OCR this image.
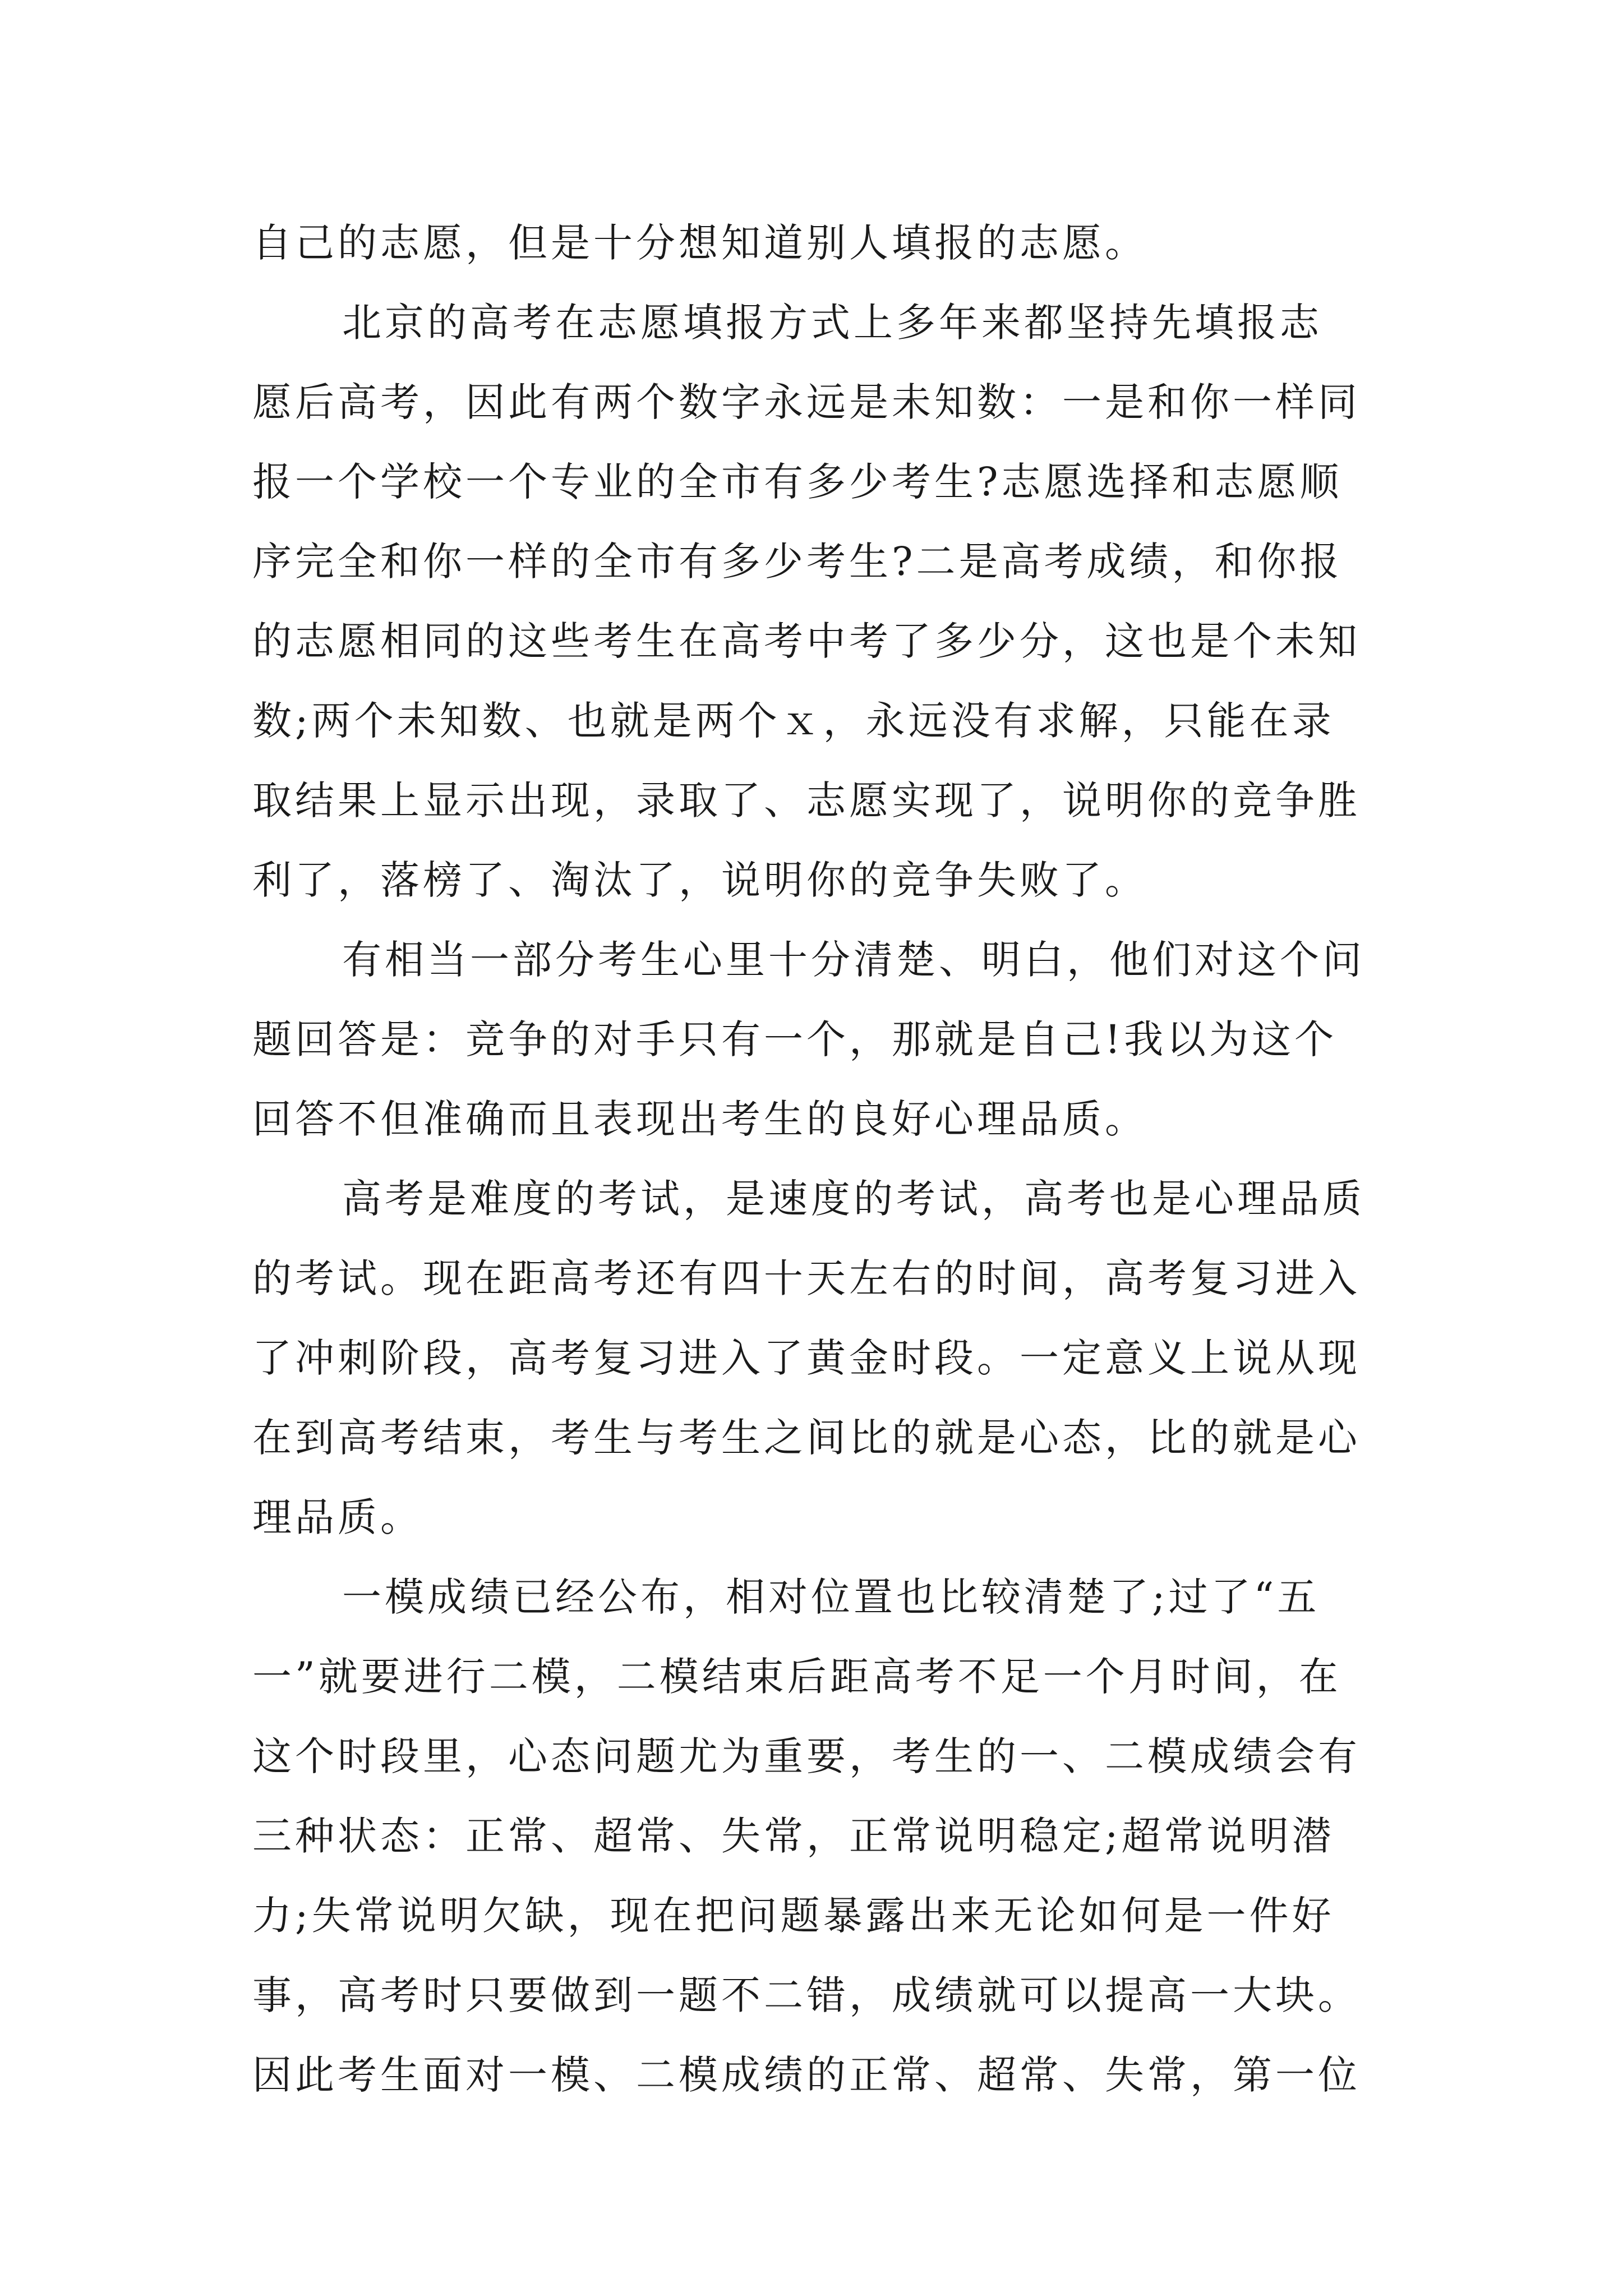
自己的志愿，但是十分想知道别人填报的志愿。
北京的高考在志愿填报方式上多年来都坚持先填报志
愿后高考，因此有两个数字永远是未知数：一是和你一样同
报一个学校一个专业的全市有多少考生?志愿选择和志愿顺
序完全和你一样的全市有多少考生?二是高考成绩，和你报
的志愿相同的这些考生在高考中考了多少分，这也是个未知
数;两个未知数、也就是两个ｘ，永远没有求解，只能在录
取结果上显示出现，录取了、志愿实现了，说明你的竞争胜
利了，落榜了、淘汰了，说明你的竞争失败了。
有相当一部分考生心里十分清楚、明白，他们对这个问
题回答是：竞争的对手只有一个，那就是自己!我以为这个
回答不但准确而且表现出考生的良好心理品质。
高考是难度的考试，是速度的考试，高考也是心理品质
的考试。现在距高考还有四十天左右的时间，高考复习进入
了冲刺阶段，高考复习进入了黄金时段。一定意义上说从现
在到高考结束，考生与考生之间比的就是心态，比的就是心
理品质。
一模成绩已经公布，相对位置也比较清楚了;过了“五
一”就要进行二模，二模结束后距高考不足一个月时间，在
这个时段里，心态问题尤为重要，考生的一、二模成绩会有
三种状态：正常、超常、失常，正常说明稳定;超常说明潜
力;失常说明欠缺，现在把问题暴露出来无论如何是一件好
事，高考时只要做到一题不二错，成绩就可以提高一大块。
因此考生面对一模、二模成绩的正常、超常、失常，第一位
